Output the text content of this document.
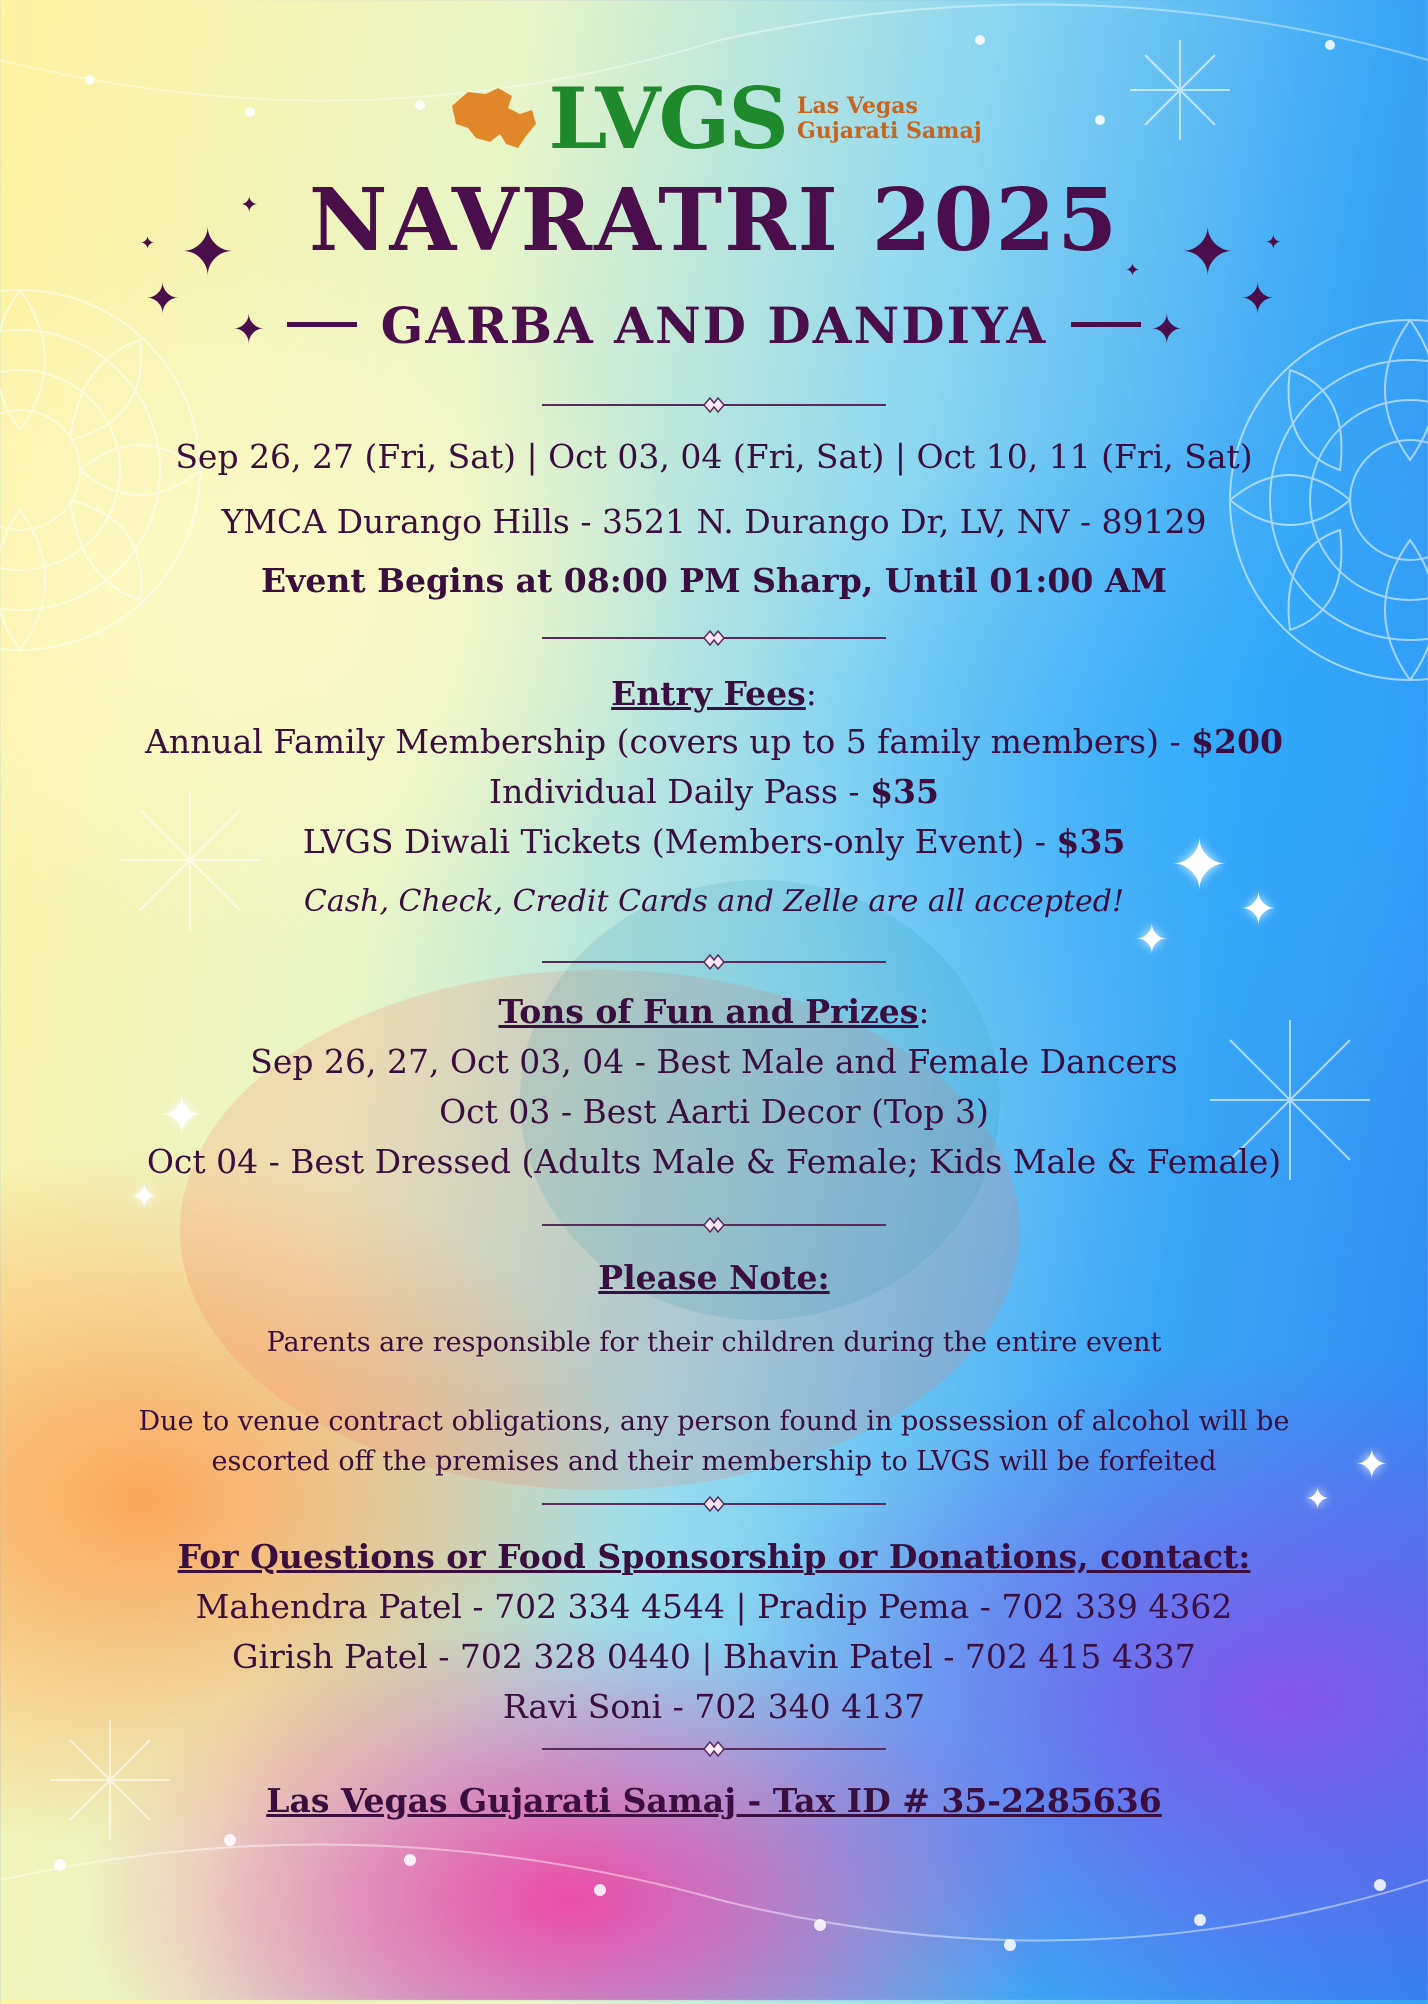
✦
✦
✦
✦
✦	✦
✦
✦
✦
✦
✦
✦
✦
✦
✦
✦
✦
LVGS Las Vegas
Gujarati Samaj
NAVRATRI 2025
GARBA AND DANDIYA
Sep 26, 27 (Fri, Sat) | Oct 03, 04 (Fri, Sat) | Oct 10, 11 (Fri, Sat)
YMCA Durango Hills - 3521 N. Durango Dr, LV, NV - 89129
Event Begins at 08:00 PM Sharp, Until 01:00 AM
Entry Fees:
Annual Family Membership (covers up to 5 family members) - $200
Individual Daily Pass - $35
LVGS Diwali Tickets (Members-only Event) - $35
Cash, Check, Credit Cards and Zelle are all accepted!
Tons of Fun and Prizes:
Sep 26, 27, Oct 03, 04 - Best Male and Female Dancers
Oct 03 - Best Aarti Decor (Top 3)
Oct 04 - Best Dressed (Adults Male & Female; Kids Male & Female)
Please Note:
Parents are responsible for their children during the entire event
Due to venue contract obligations, any person found in possession of alcohol will be
escorted off the premises and their membership to LVGS will be forfeited
For Questions or Food Sponsorship or Donations, contact:
Mahendra Patel - 702 334 4544 | Pradip Pema - 702 339 4362
Girish Patel - 702 328 0440 | Bhavin Patel - 702 415 4337
Ravi Soni - 702 340 4137
Las Vegas Gujarati Samaj - Tax ID # 35-2285636
